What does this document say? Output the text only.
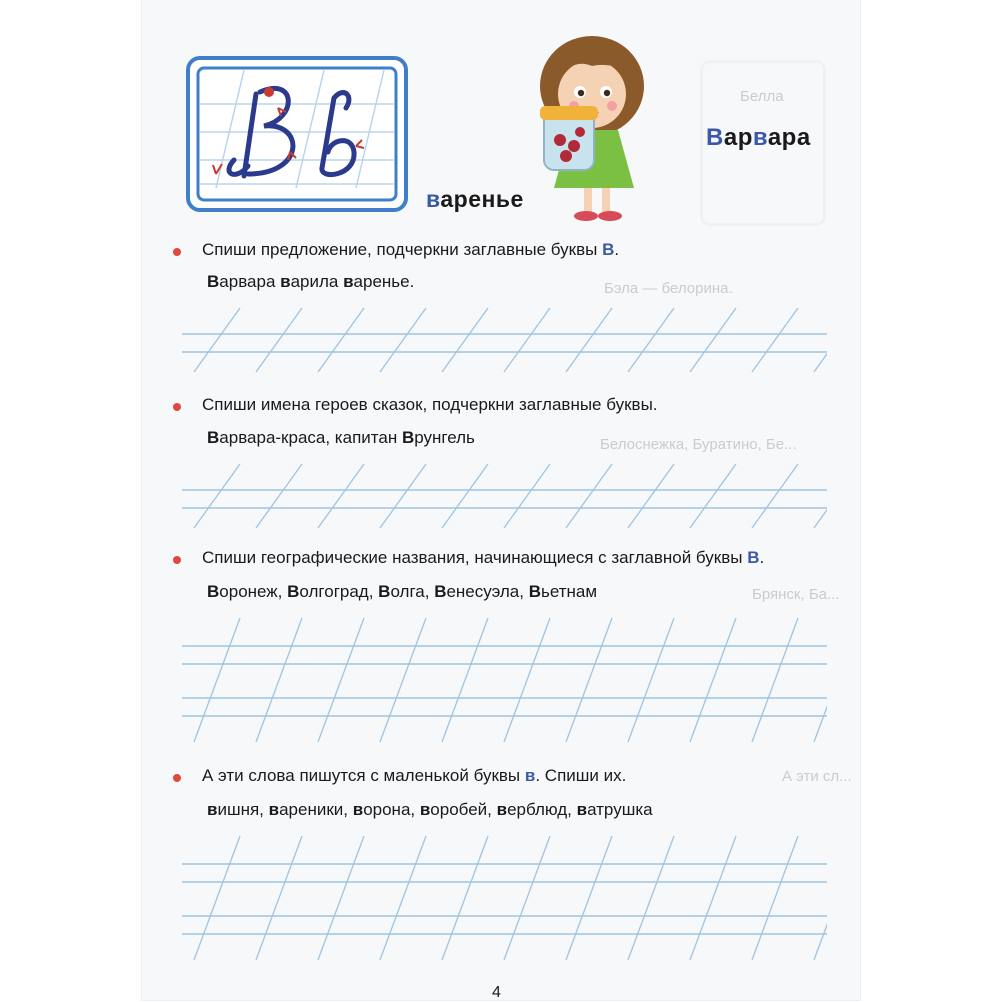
Белла
Бэла — белорина.
Белоснежка, Буратино, Бе...
Брянск, Ба...
А эти сл...
Варвара
варенье
Спиши предложение, подчеркни заглавные буквы В.
Варвара варила варенье.
Спиши имена героев сказок, подчеркни заглавные буквы.
Варвара-краса, капитан Врунгель
Спиши географические названия, начинающиеся с заглавной буквы В.
Воронеж, Волгоград, Волга, Венесуэла, Вьетнам
А эти слова пишутся с маленькой буквы в. Спиши их.
вишня, вареники, ворона, воробей, верблюд, ватрушка
4
